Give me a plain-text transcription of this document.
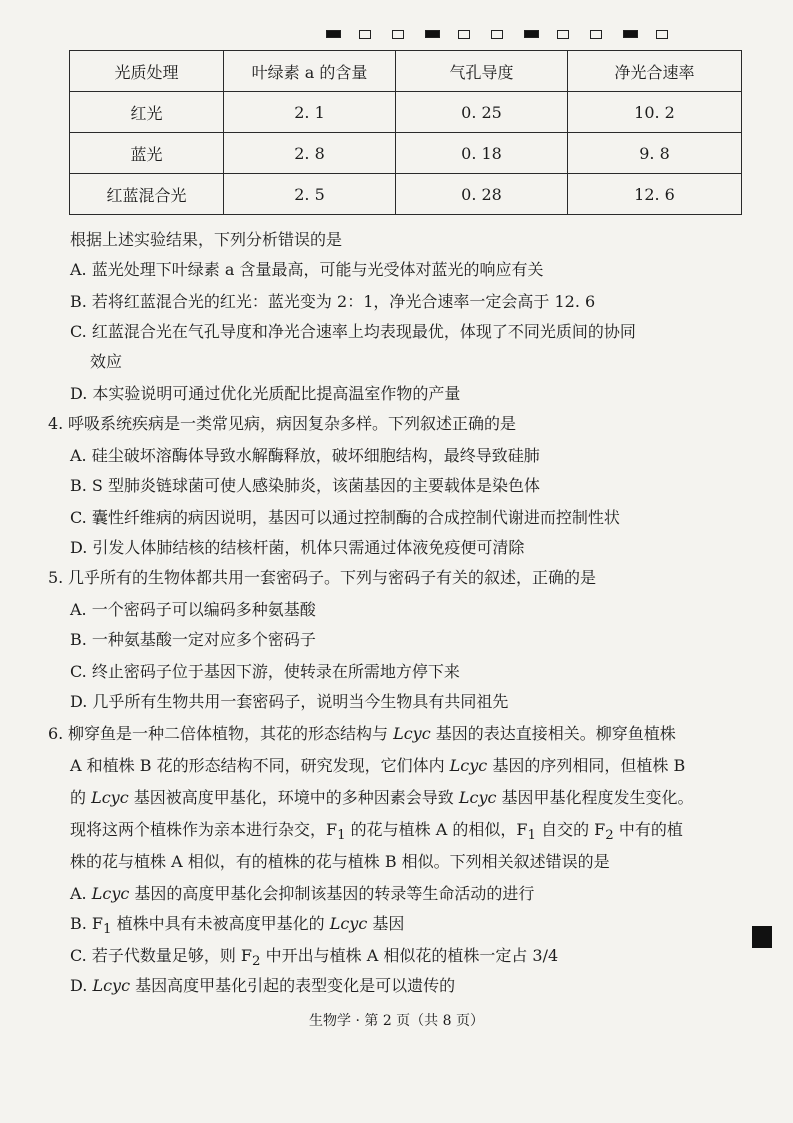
光质处理	叶绿素 a 的含量	气孔导度	净光合速率
红光	2. 1	0. 25	10. 2
蓝光	2. 8	0. 18	9. 8
红蓝混合光	2. 5	0. 28	12. 6
根据上述实验结果，下列分析错误的是
A. 蓝光处理下叶绿素 a 含量最高，可能与光受体对蓝光的响应有关
B. 若将红蓝混合光的红光：蓝光变为 2：1，净光合速率一定会高于 12. 6
C. 红蓝混合光在气孔导度和净光合速率上均表现最优，体现了不同光质间的协同
效应
D. 本实验说明可通过优化光质配比提高温室作物的产量
4. 呼吸系统疾病是一类常见病，病因复杂多样。下列叙述正确的是
A. 硅尘破坏溶酶体导致水解酶释放，破坏细胞结构，最终导致硅肺
B. S 型肺炎链球菌可使人感染肺炎，该菌基因的主要载体是染色体
C. 囊性纤维病的病因说明，基因可以通过控制酶的合成控制代谢进而控制性状
D. 引发人体肺结核的结核杆菌，机体只需通过体液免疫便可清除
5. 几乎所有的生物体都共用一套密码子。下列与密码子有关的叙述，正确的是
A. 一个密码子可以编码多种氨基酸
B. 一种氨基酸一定对应多个密码子
C. 终止密码子位于基因下游，使转录在所需地方停下来
D. 几乎所有生物共用一套密码子，说明当今生物具有共同祖先
6. 柳穿鱼是一种二倍体植物，其花的形态结构与 Lcyc 基因的表达直接相关。柳穿鱼植株
A 和植株 B 花的形态结构不同，研究发现，它们体内 Lcyc 基因的序列相同，但植株 B
的 Lcyc 基因被高度甲基化，环境中的多种因素会导致 Lcyc 基因甲基化程度发生变化。
现将这两个植株作为亲本进行杂交，$F_1$ 的花与植株 A 的相似，$F_1$ 自交的 $F_2$ 中有的植
株的花与植株 A 相似，有的植株的花与植株 B 相似。下列相关叙述错误的是
A. Lcyc 基因的高度甲基化会抑制该基因的转录等生命活动的进行
B. $F_1$ 植株中具有未被高度甲基化的 Lcyc 基因
C. 若子代数量足够，则 $F_2$ 中开出与植株 A 相似花的植株一定占 3/4
D. Lcyc 基因高度甲基化引起的表型变化是可以遗传的
生物学 · 第 2 页（共 8 页）
